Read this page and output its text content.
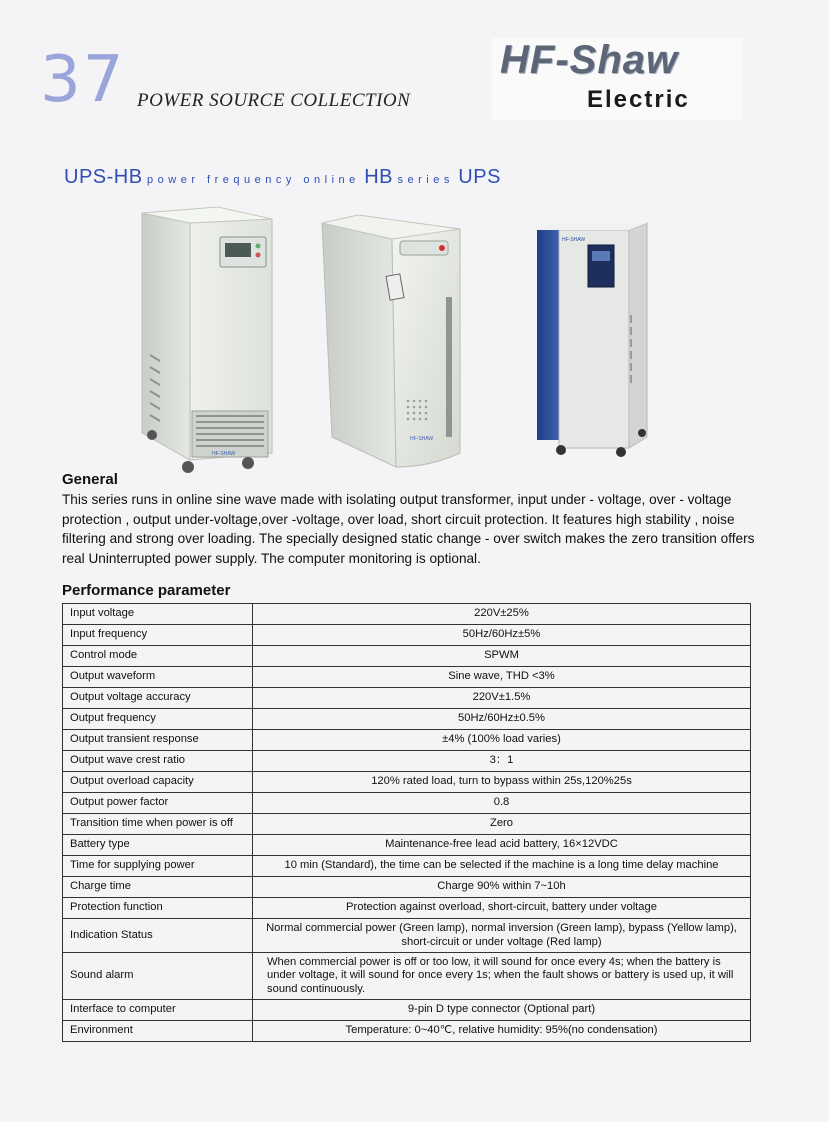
37 POWER SOURCE COLLECTION
HF-Shaw
Electric
UPS-HB power frequency online HB series UPS
HF-SHAW
HF-SHAW
HF-SHAW
General
This series runs in online sine wave made with isolating output transformer, input under - voltage, over - voltage protection , output under-voltage,over -voltage, over load, short circuit protection. It features high stability , noise filtering and strong over loading. The specially designed static change - over switch makes the zero transition offers real Uninterrupted power supply. The computer monitoring is optional.
Performance parameter
Input voltage	220V±25%
Input frequency	50Hz/60Hz±5%
Control mode	SPWM
Output waveform	Sine wave, THD <3%
Output voltage accuracy	220V±1.5%
Output frequency	50Hz/60Hz±0.5%
Output transient response	±4% (100% load varies)
Output wave crest ratio	3：1
Output overload capacity	120% rated load, turn to bypass within 25s,120%25s
Output power factor	0.8
Transition time when power is off	Zero
Battery type	Maintenance-free lead acid battery, 16×12VDC
Time for supplying power	10 min (Standard), the time can be selected if the machine is a long time delay machine
Charge time	Charge 90% within 7~10h
Protection function	Protection against overload, short-circuit, battery under voltage
Indication Status	Normal commercial power (Green lamp), normal inversion (Green lamp), bypass (Yellow lamp), short-circuit or under voltage (Red lamp)
Sound alarm	When commercial power is off or too low, it will sound for once every 4s; when the battery is under voltage, it will sound for once every 1s; when the fault shows or battery is used up, it will sound continuously.
Interface to computer	9-pin D type connector (Optional part)
Environment	Temperature: 0~40℃, relative humidity: 95%(no condensation)
